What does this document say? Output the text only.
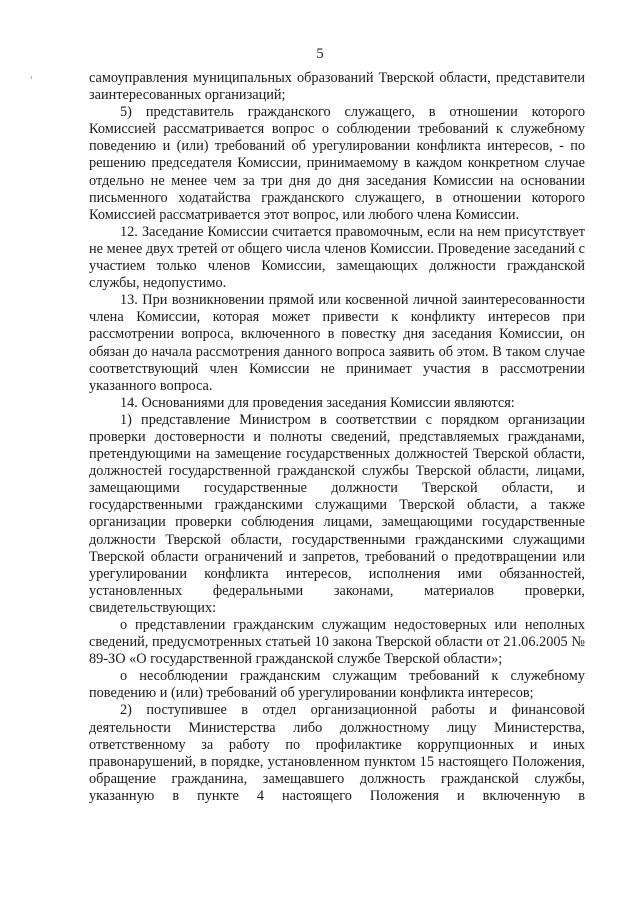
5

самоуправления муниципальных образований Тверской области, представители заинтересованных организаций;

5) представитель гражданского служащего, в отношении которого Комиссией рассматривается вопрос о соблюдении требований к служебному поведению и (или) требований об урегулировании конфликта интересов, - по решению председателя Комиссии, принимаемому в каждом конкретном случае отдельно не менее чем за три дня до дня заседания Комиссии на основании письменного ходатайства гражданского служащего, в отношении которого Комиссией рассматривается этот вопрос, или любого члена Комиссии.

12. Заседание Комиссии считается правомочным, если на нем присутствует не менее двух третей от общего числа членов Комиссии. Проведение заседаний с участием только членов Комиссии, замещающих должности гражданской службы, недопустимо.

13. При возникновении прямой или косвенной личной заинтересованности члена Комиссии, которая может привести к конфликту интересов при рассмотрении вопроса, включенного в повестку дня заседания Комиссии, он обязан до начала рассмотрения данного вопроса заявить об этом. В таком случае соответствующий член Комиссии не принимает участия в рассмотрении указанного вопроса.

14. Основаниями для проведения заседания Комиссии являются:

1) представление Министром в соответствии с порядком организации проверки достоверности и полноты сведений, представляемых гражданами, претендующими на замещение государственных должностей Тверской области, должностей государственной гражданской службы Тверской области, лицами, замещающими государственные должности Тверской области, и государственными гражданскими служащими Тверской области, а также организации проверки соблюдения лицами, замещающими государственные должности Тверской области, государственными гражданскими служащими Тверской области ограничений и запретов, требований о предотвращении или урегулировании конфликта интересов, исполнения ими обязанностей, установленных федеральными законами, материалов проверки, свидетельствующих:

о представлении гражданским служащим недостоверных или неполных сведений, предусмотренных статьей 10 закона Тверской области от 21.06.2005 № 89-ЗО «О государственной гражданской службе Тверской области»;

о несоблюдении гражданским служащим требований к служебному поведению и (или) требований об урегулировании конфликта интересов;

2) поступившее в отдел организационной работы и финансовой деятельности Министерства либо должностному лицу Министерства, ответственному за работу по профилактике коррупционных и иных правонарушений, в порядке, установленном пунктом 15 настоящего Положения, обращение гражданина, замещавшего должность гражданской службы, указанную в пункте 4 настоящего Положения и включенную в
